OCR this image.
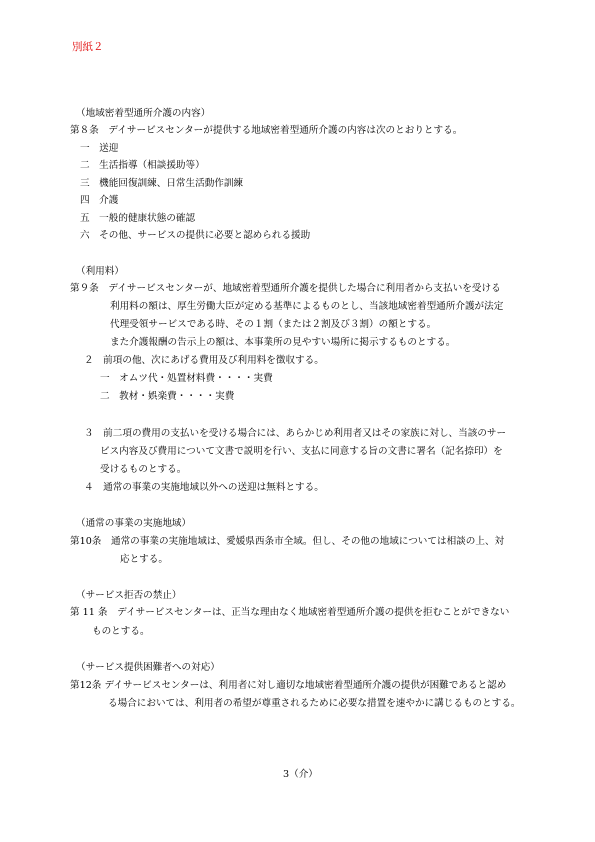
別紙２
（地域密着型通所介護の内容）
第８条　デイサービスセンターが提供する地域密着型通所介護の内容は次のとおりとする。
一　送迎
二　生活指導（相談援助等）
三　機能回復訓練、日常生活動作訓練
四　介護
五　一般的健康状態の確認
六　その他、サービスの提供に必要と認められる援助
（利用料）
第９条　デイサービスセンターが、地域密着型通所介護を提供した場合に利用者から支払いを受ける
利用料の額は、厚生労働大臣が定める基準によるものとし、当該地域密着型通所介護が法定
代理受領サービスである時、その１割（または２割及び３割）の額とする。
また介護報酬の告示上の額は、本事業所の見やすい場所に掲示するものとする。
２　前項の他、次にあげる費用及び利用料を徴収する。
一　オムツ代・処置材料費・・・・実費
二　教材・娯楽費・・・・実費
３　前二項の費用の支払いを受ける場合には、あらかじめ利用者又はその家族に対し、当該のサー
ビス内容及び費用について文書で説明を行い、支払に同意する旨の文書に署名（記名捺印）を
受けるものとする。
４　通常の事業の実施地域以外への送迎は無料とする。
（通常の事業の実施地域）
第10条　通常の事業の実施地域は、愛媛県西条市全域。但し、その他の地域については相談の上、対
応とする。
（サービス拒否の禁止）
第 11 条　デイサービスセンターは、正当な理由なく地域密着型通所介護の提供を拒むことができない
ものとする。
（サービス提供困難者への対応）
第12条 デイサービスセンターは、利用者に対し適切な地域密着型通所介護の提供が困難であると認め
る場合においては、利用者の希望が尊重されるために必要な措置を速やかに講じるものとする。
3（介）
